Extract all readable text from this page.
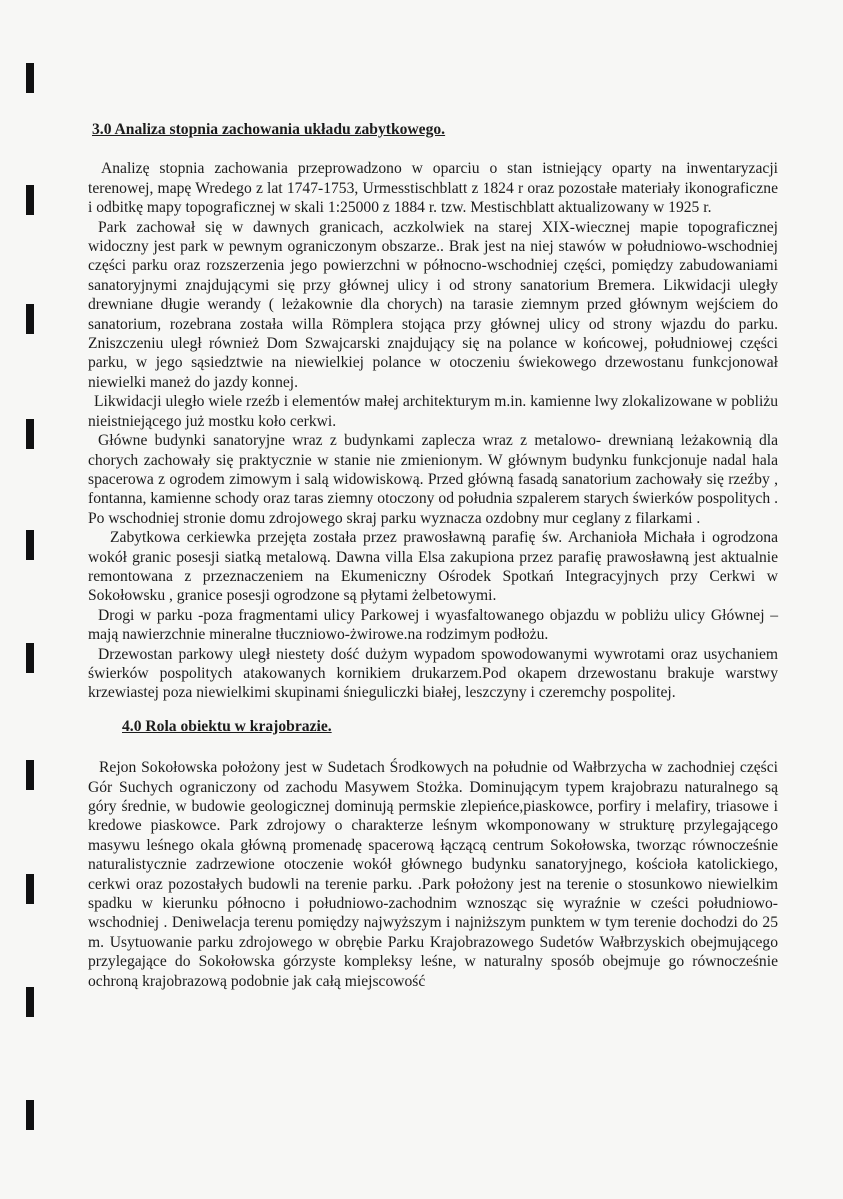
3.0 Analiza stopnia zachowania układu zabytkowego.

Analizę stopnia zachowania przeprowadzono w oparciu o stan istniejący oparty na inwentaryzacji terenowej, mapę Wredego z lat 1747-1753, Urmesstischblatt z 1824 r oraz pozostałe materiały ikonograficzne i odbitkę mapy topograficznej w skali 1:25000 z 1884 r. tzw. Mestischblatt aktualizowany w 1925 r.

Park zachował się w dawnych granicach, aczkolwiek na starej XIX-wiecznej mapie topograficznej widoczny jest park w pewnym ograniczonym obszarze.. Brak jest na niej stawów w południowo-wschodniej części parku oraz rozszerzenia jego powierzchni w północno-wschodniej części, pomiędzy zabudowaniami sanatoryjnymi znajdującymi się przy głównej ulicy i od strony sanatorium Bremera. Likwidacji uległy drewniane długie werandy ( leżakownie dla chorych) na tarasie ziemnym przed głównym wejściem do sanatorium, rozebrana została willa Römplera stojąca przy głównej ulicy od strony wjazdu do parku. Zniszczeniu uległ również Dom Szwajcarski znajdujący się na polance w końcowej, południowej części parku, w jego sąsiedztwie na niewielkiej polance w otoczeniu świekowego drzewostanu funkcjonował niewielki maneż do jazdy konnej.

Likwidacji uległo wiele rzeźb i elementów małej architekturym m.in. kamienne lwy zlokalizowane w pobliżu nieistniejącego już mostku koło cerkwi.

Główne budynki sanatoryjne wraz z budynkami zaplecza wraz z metalowo- drewnianą leżakownią dla chorych zachowały się praktycznie w stanie nie zmienionym. W głównym budynku funkcjonuje nadal hala spacerowa z ogrodem zimowym i salą widowiskową. Przed główną fasadą sanatorium zachowały się rzeźby , fontanna, kamienne schody oraz taras ziemny otoczony od południa szpalerem starych świerków pospolitych . Po wschodniej stronie domu zdrojowego skraj parku wyznacza ozdobny mur ceglany z filarkami .

Zabytkowa cerkiewka przejęta została przez prawosławną parafię św. Archanioła Michała i ogrodzona wokół granic posesji siatką metalową. Dawna villa Elsa zakupiona przez parafię prawosławną jest aktualnie remontowana z przeznaczeniem na Ekumeniczny Ośrodek Spotkań Integracyjnych przy Cerkwi w Sokołowsku , granice posesji ogrodzone są płytami żelbetowymi.

Drogi w parku -poza fragmentami ulicy Parkowej i wyasfaltowanego objazdu w pobliżu ulicy Głównej –mają nawierzchnie mineralne tłuczniowo-żwirowe.na rodzimym podłożu.

Drzewostan parkowy uległ niestety dość dużym wypadom spowodowanymi wywrotami oraz usychaniem świerków pospolitych atakowanych kornikiem drukarzem.Pod okapem drzewostanu brakuje warstwy krzewiastej poza niewielkimi skupinami śnieguliczki białej, leszczyny i czeremchy pospolitej.

4.0 Rola obiektu w krajobrazie.

Rejon Sokołowska położony jest w Sudetach Środkowych na południe od Wałbrzycha w zachodniej części Gór Suchych ograniczony od zachodu Masywem Stożka. Dominującym typem krajobrazu naturalnego są góry średnie, w budowie geologicznej dominują permskie zlepieńce,piaskowce, porfiry i melafiry, triasowe i kredowe piaskowce. Park zdrojowy o charakterze leśnym wkomponowany w strukturę przylegającego masywu leśnego okala główną promenadę spacerową łączącą centrum Sokołowska, tworząc równocześnie naturalistycznie zadrzewione otoczenie wokół głównego budynku sanatoryjnego, kościoła katolickiego, cerkwi oraz pozostałych budowli na terenie parku. .Park położony jest na terenie o stosunkowo niewielkim spadku w kierunku północno i południowo-zachodnim wznosząc się wyraźnie w cześci południowo-wschodniej . Deniwelacja terenu pomiędzy najwyższym i najniższym punktem w tym terenie dochodzi do 25 m. Usytuowanie parku zdrojowego w obrębie Parku Krajobrazowego Sudetów Wałbrzyskich obejmującego przylegające do Sokołowska górzyste kompleksy leśne, w naturalny sposób obejmuje go równocześnie ochroną krajobrazową podobnie jak całą miejscowość
